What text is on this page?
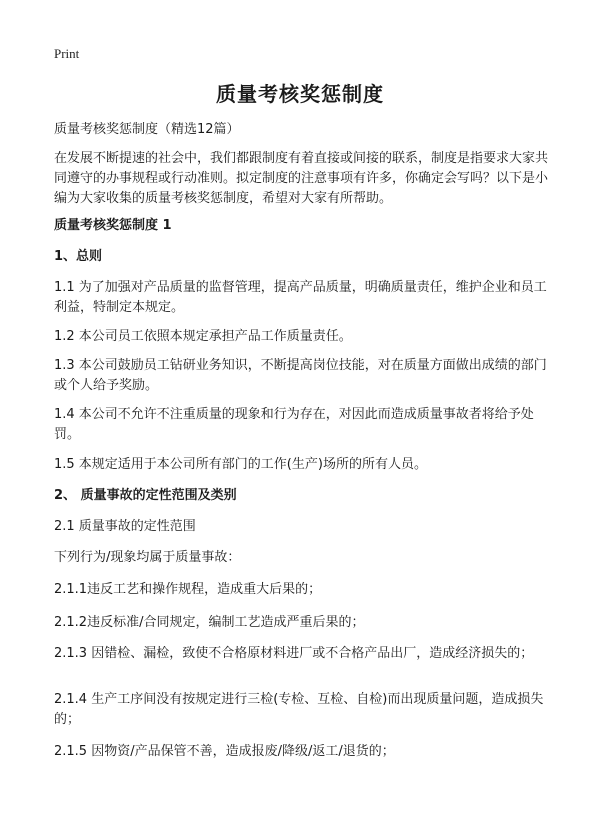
Print
质量考核奖惩制度
质量考核奖惩制度（精选12篇）
在发展不断提速的社会中，我们都跟制度有着直接或间接的联系，制度是指要求大家共同遵守的办事规程或行动准则。拟定制度的注意事项有许多，你确定会写吗？以下是小编为大家收集的质量考核奖惩制度，希望对大家有所帮助。
质量考核奖惩制度 1
1、总则
1.1 为了加强对产品质量的监督管理，提高产品质量，明确质量责任，维护企业和员工利益，特制定本规定。
1.2 本公司员工依照本规定承担产品工作质量责任。
1.3 本公司鼓励员工钻研业务知识，不断提高岗位技能，对在质量方面做出成绩的部门或个人给予奖励。
1.4 本公司不允许不注重质量的现象和行为存在，对因此而造成质量事故者将给予处罚。
1.5 本规定适用于本公司所有部门的工作(生产)场所的所有人员。
2、 质量事故的定性范围及类别
2.1 质量事故的定性范围
下列行为/现象均属于质量事故：
2.1.1违反工艺和操作规程，造成重大后果的；
2.1.2违反标准/合同规定，编制工艺造成严重后果的；
2.1.3 因错检、漏检，致使不合格原材料进厂或不合格产品出厂，造成经济损失的；
2.1.4 生产工序间没有按规定进行三检(专检、互检、自检)而出现质量问题，造成损失的；
2.1.5 因物资/产品保管不善，造成报废/降级/返工/退货的；
